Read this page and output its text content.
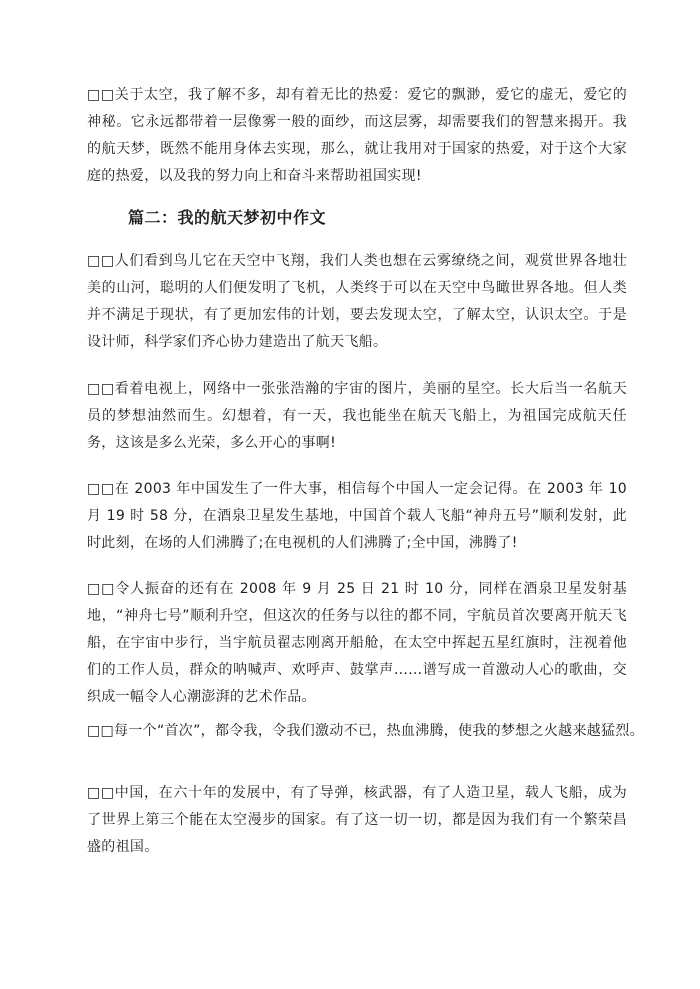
□□关于太空，我了解不多，却有着无比的热爱：爱它的飘渺，爱它的虚无，爱它的神秘。它永远都带着一层像雾一般的面纱，而这层雾，却需要我们的智慧来揭开。我的航天梦，既然不能用身体去实现，那么，就让我用对于国家的热爱，对于这个大家庭的热爱，以及我的努力向上和奋斗来帮助祖国实现!

篇二：我的航天梦初中作文

□□人们看到鸟儿它在天空中飞翔，我们人类也想在云雾缭绕之间，观赏世界各地壮美的山河，聪明的人们便发明了飞机，人类终于可以在天空中鸟瞰世界各地。但人类并不满足于现状，有了更加宏伟的计划，要去发现太空，了解太空，认识太空。于是设计师，科学家们齐心协力建造出了航天飞船。

□□看着电视上，网络中一张张浩瀚的宇宙的图片，美丽的星空。长大后当一名航天员的梦想油然而生。幻想着，有一天，我也能坐在航天飞船上，为祖国完成航天任务，这该是多么光荣，多么开心的事啊!

□□在 2003 年中国发生了一件大事，相信每个中国人一定会记得。在 2003 年 10 月 19 时 58 分，在酒泉卫星发生基地，中国首个载人飞船“神舟五号”顺利发射，此时此刻，在场的人们沸腾了;在电视机的人们沸腾了;全中国，沸腾了!

□□令人振奋的还有在 2008 年 9 月 25 日 21 时 10 分，同样在酒泉卫星发射基地，“神舟七号”顺利升空，但这次的任务与以往的都不同，宇航员首次要离开航天飞船，在宇宙中步行，当宇航员翟志刚离开船舱，在太空中挥起五星红旗时，注视着他们的工作人员，群众的呐喊声、欢呼声、鼓掌声……谱写成一首激动人心的歌曲，交织成一幅令人心潮澎湃的艺术作品。

□□每一个“首次”，都令我，令我们激动不已，热血沸腾，使我的梦想之火越来越猛烈。

□□中国，在六十年的发展中，有了导弹，核武器，有了人造卫星，载人飞船，成为了世界上第三个能在太空漫步的国家。有了这一切一切，都是因为我们有一个繁荣昌盛的祖国。
